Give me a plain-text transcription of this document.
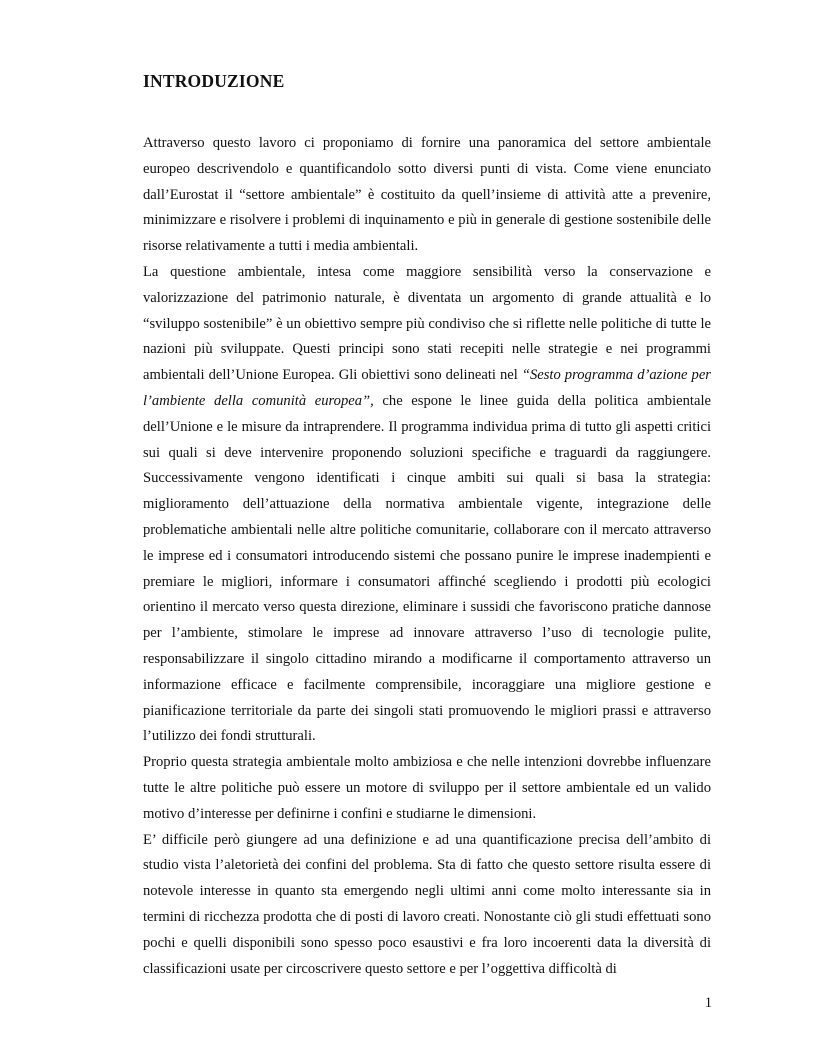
INTRODUZIONE

Attraverso questo lavoro ci proponiamo di fornire una panoramica del settore ambientale europeo descrivendolo e quantificandolo sotto diversi punti di vista. Come viene enunciato dall’Eurostat il “settore ambientale” è costituito da quell’insieme di attività atte a prevenire, minimizzare e risolvere i problemi di inquinamento e più in generale di gestione sostenibile delle risorse relativamente a tutti i media ambientali.

La questione ambientale, intesa come maggiore sensibilità verso la conservazione e valorizzazione del patrimonio naturale, è diventata un argomento di grande attualità e lo “sviluppo sostenibile” è un obiettivo sempre più condiviso che si riflette nelle politiche di tutte le nazioni più sviluppate. Questi principi sono stati recepiti nelle strategie e nei programmi ambientali dell’Unione Europea. Gli obiettivi sono delineati nel “Sesto programma d’azione per l’ambiente della comunità europea”, che espone le linee guida della politica ambientale dell’Unione e le misure da intraprendere. Il programma individua prima di tutto gli aspetti critici sui quali si deve intervenire proponendo soluzioni specifiche e traguardi da raggiungere. Successivamente vengono identificati i cinque ambiti sui quali si basa la strategia: miglioramento dell’attuazione della normativa ambientale vigente, integrazione delle problematiche ambientali nelle altre politiche comunitarie, collaborare con il mercato attraverso le imprese ed i consumatori introducendo sistemi che possano punire le imprese inadempienti e premiare le migliori, informare i consumatori affinché scegliendo i prodotti più ecologici orientino il mercato verso questa direzione, eliminare i sussidi che favoriscono pratiche dannose per l’ambiente, stimolare le imprese ad innovare attraverso l’uso di tecnologie pulite, responsabilizzare il singolo cittadino mirando a modificarne il comportamento attraverso un informazione efficace e facilmente comprensibile, incoraggiare una migliore gestione e pianificazione territoriale da parte dei singoli stati promuovendo le migliori prassi e attraverso l’utilizzo dei fondi strutturali.

Proprio questa strategia ambientale molto ambiziosa e che nelle intenzioni dovrebbe influenzare tutte le altre politiche può essere un motore di sviluppo per il settore ambientale ed un valido motivo d’interesse per definirne i confini e studiarne le dimensioni.

E’ difficile però giungere ad una definizione e ad una quantificazione precisa dell’ambito di studio vista l’aletorietà dei confini del problema. Sta di fatto che questo settore risulta essere di notevole interesse in quanto sta emergendo negli ultimi anni come molto interessante sia in termini di ricchezza prodotta che di posti di lavoro creati. Nonostante ciò gli studi effettuati sono pochi e quelli disponibili sono spesso poco esaustivi e fra loro incoerenti data la diversità di classificazioni usate per circoscrivere questo settore e per l’oggettiva difficoltà di

1
